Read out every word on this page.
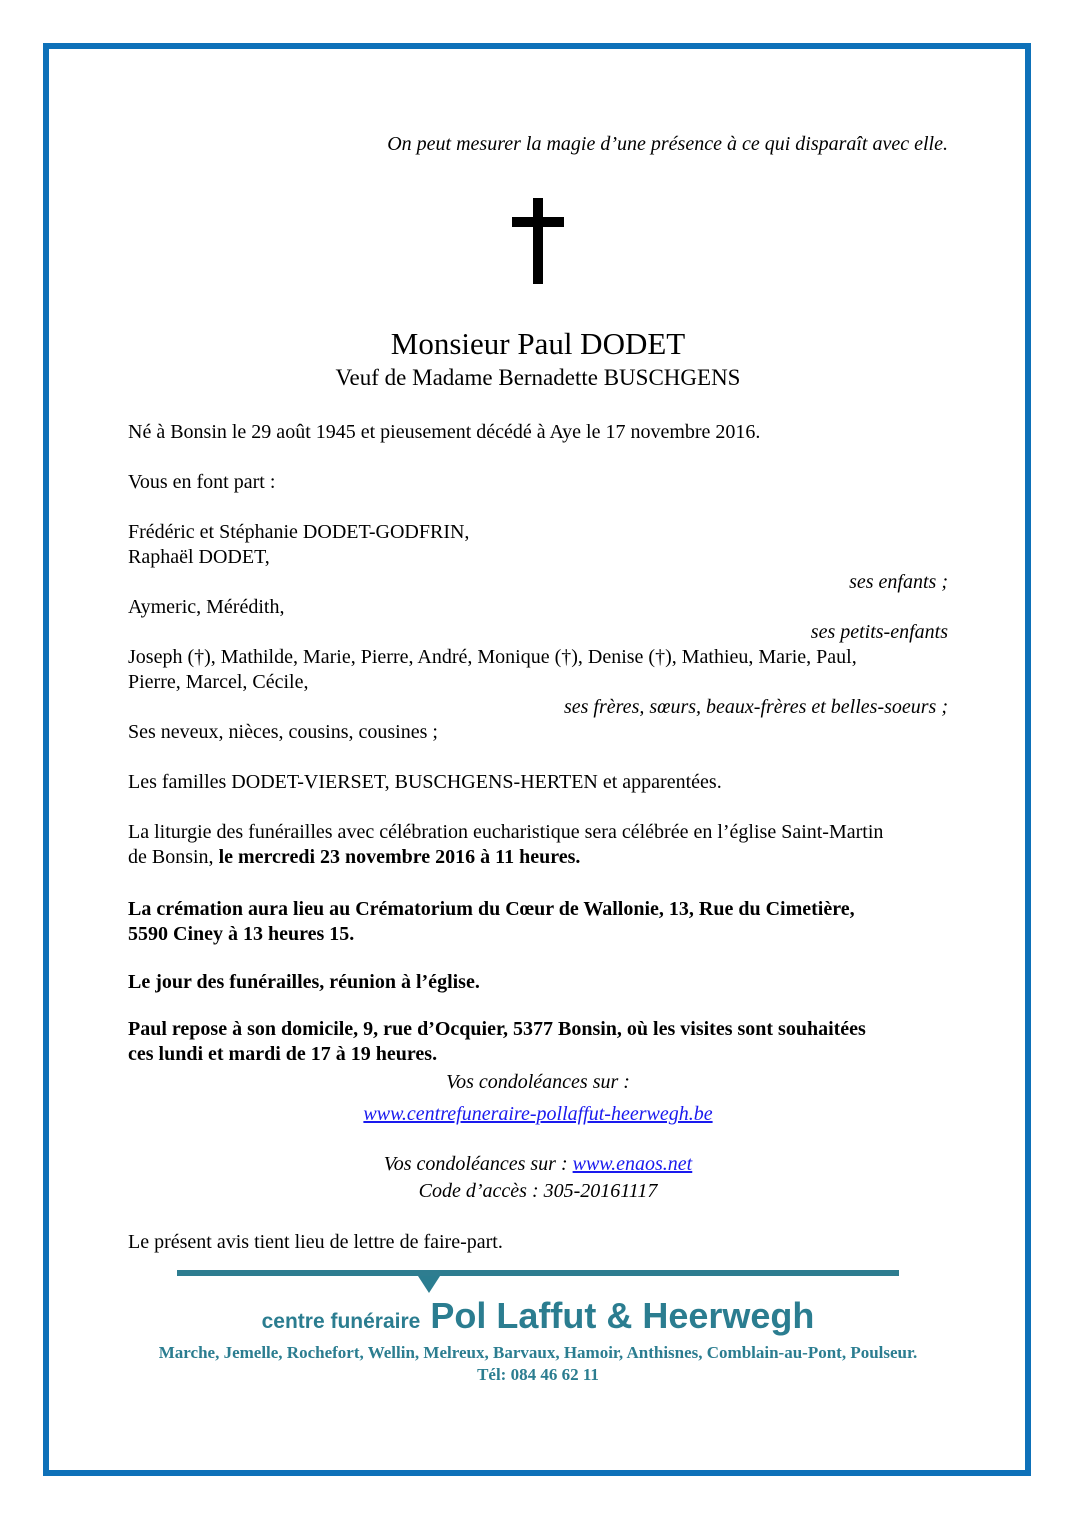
On peut mesurer la magie d’une présence à ce qui disparaît avec elle.
Monsieur Paul DODET
Veuf de Madame Bernadette BUSCHGENS
Né à Bonsin le 29 août 1945 et pieusement décédé à Aye le 17 novembre 2016.
Vous en font part :
Frédéric et Stéphanie DODET-GODFRIN,
Raphaël DODET,
ses enfants ;
Aymeric, Mérédith,
ses petits-enfants
Joseph (†), Mathilde, Marie, Pierre, André, Monique (†), Denise (†), Mathieu, Marie, Paul,
Pierre, Marcel, Cécile,
ses frères, sœurs, beaux-frères et belles-soeurs ;
Ses neveux, nièces, cousins, cousines ;
Les familles DODET-VIERSET, BUSCHGENS-HERTEN et apparentées.
La liturgie des funérailles avec célébration eucharistique sera célébrée en l’église Saint-Martin
de Bonsin, le mercredi 23 novembre 2016 à 11 heures.
La crémation aura lieu au Crématorium du Cœur de Wallonie, 13, Rue du Cimetière,
5590 Ciney à 13 heures 15.
Le jour des funérailles, réunion à l’église.
Paul repose à son domicile, 9, rue d’Ocquier, 5377 Bonsin, où les visites sont souhaitées
ces lundi et mardi de 17 à 19 heures.
Vos condoléances sur :
www.centrefuneraire-pollaffut-heerwegh.be
Vos condoléances sur : www.enaos.net
Code d’accès : 305-20161117
Le présent avis tient lieu de lettre de faire-part.
centre funéraire Pol Laffut & Heerwegh
Marche, Jemelle, Rochefort, Wellin, Melreux, Barvaux, Hamoir, Anthisnes, Comblain-au-Pont, Poulseur.
Tél: 084 46 62 11
